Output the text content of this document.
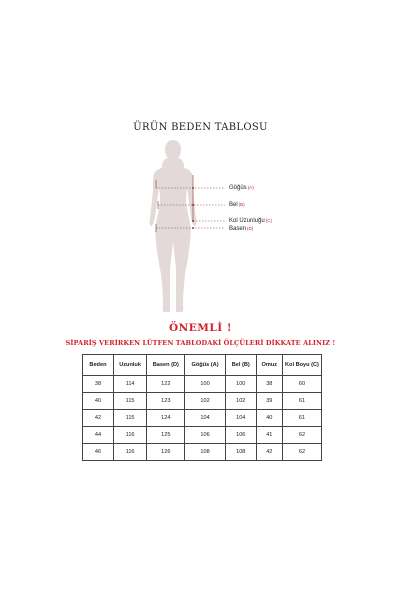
ÜRÜN BEDEN TABLOSU
Göğüs(A)
Bel(B)
Kol Uzunluğu(C)
Basen(D)
ÖNEMLİ !
SİPARİŞ VERİRKEN LÜTFEN TABLODAKİ ÖLÇÜLERİ DİKKATE ALINIZ !
Beden	Uzunluk	Basen (D)	Göğüs (A)	Bel (B)	Omuz	Kol Boyu (C)
38	114	122	100	100	38	60
40	115	123	102	102	39	61
42	115	124	104	104	40	61
44	116	125	106	106	41	62
46	116	126	108	108	42	62
